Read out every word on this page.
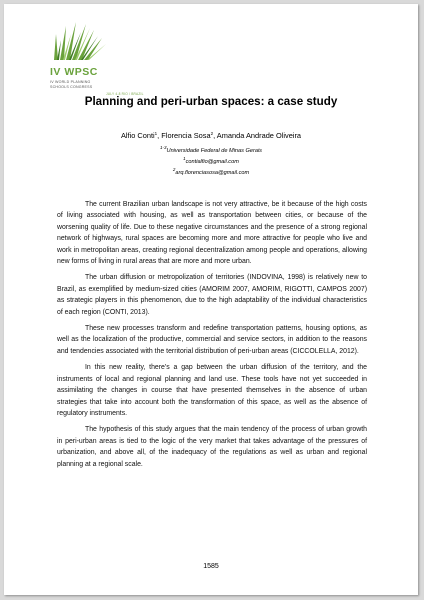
IV WPSC
IV WORLD PLANNING
SCHOOLS CONGRESS
JULY 4-8 RIO / BRAZIL
Planning and peri-urban spaces: a case study
Alfio Conti$^1$, Florencia Sosa$^2$, Amanda Andrade Oliveira
$^{1-3}$Universidade Federal de Minas Gerais
$^1$contialfio@gmail.com
$^2$arq.florenciasosa@gmail.com

The current Brazilian urban landscape is not very attractive, be it because of the high costs of living associated with housing, as well as transportation between cities, or because of the worsening quality of life. Due to these negative circumstances and the presence of a strong regional network of highways, rural spaces are becoming more and more attractive for people who live and work in metropolitan areas, creating regional decentralization among people and operations, allowing new forms of living in rural areas that are more and more urban.

The urban diffusion or metropolization of territories (INDOVINA, 1998) is relatively new to Brazil, as exemplified by medium-sized cities (AMORIM 2007, AMORIM, RIGOTTI, CAMPOS 2007) as strategic players in this phenomenon, due to the high adaptability of the individual characteristics of each region (CONTI, 2013).

These new processes transform and redefine transportation patterns, housing options, as well as the localization of the productive, commercial and service sectors, in addition to the reasons and tendencies associated with the territorial distribution of peri-urban areas (CICCOLELLA, 2012).

In this new reality, there’s a gap between the urban diffusion of the territory, and the instruments of local and regional planning and land use. These tools have not yet succeeded in assimilating the changes in course that have presented themselves in the absence of urban strategies that take into account both the transformation of this space, as well as the absence of regulatory instruments.

The hypothesis of this study argues that the main tendency of the process of urban growth in peri-urban areas is tied to the logic of the very market that takes advantage of the pressures of urbanization, and above all, of the inadequacy of the regulations as well as urban and regional planning at a regional scale.

1585
